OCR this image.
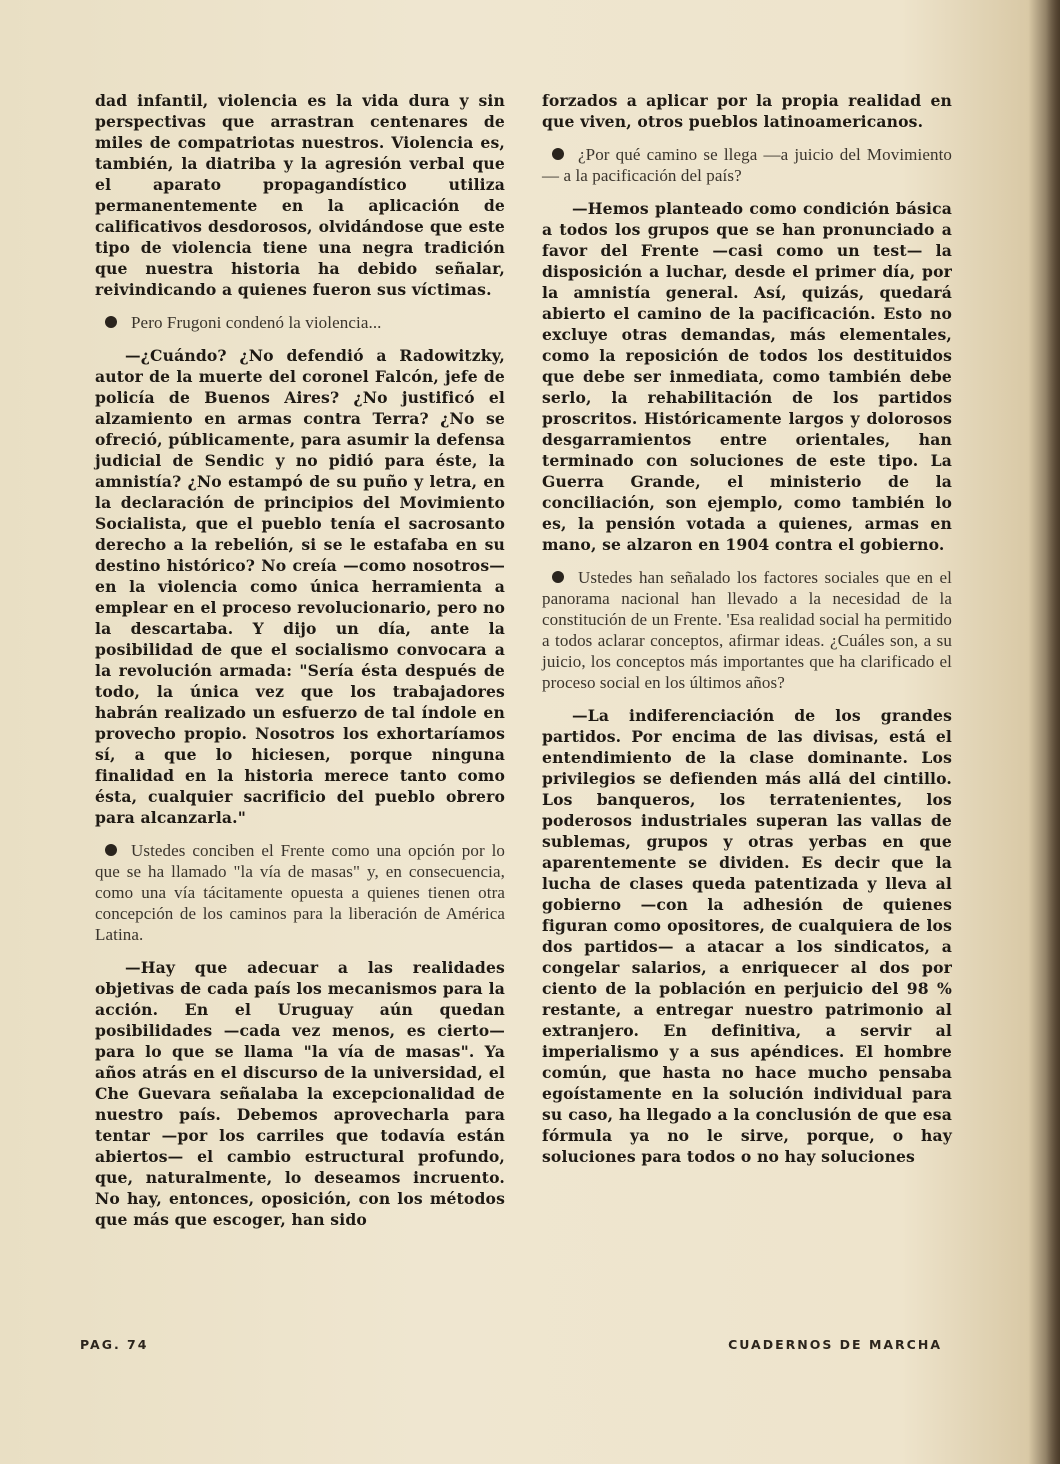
dad infantil, violencia es la vida dura y sin perspectivas que arrastran centenares de miles de compatriotas nuestros. Violencia es, también, la diatriba y la agresión verbal que el aparato propagandístico utiliza permanentemente en la aplicación de calificativos desdorosos, olvidándose que este tipo de violencia tiene una negra tradición que nuestra historia ha debido señalar, reivindicando a quienes fueron sus víctimas.

Pero Frugoni condenó la violencia...

—¿Cuándo? ¿No defendió a Radowitzky, autor de la muerte del coronel Falcón, jefe de policía de Buenos Aires? ¿No justificó el alzamiento en armas contra Terra? ¿No se ofreció, públicamente, para asumir la defensa judicial de Sendic y no pidió para éste, la amnistía? ¿No estampó de su puño y letra, en la declaración de principios del Movimiento Socialista, que el pueblo tenía el sacrosanto derecho a la rebelión, si se le estafaba en su destino histórico? No creía —como nosotros— en la violencia como única herramienta a emplear en el proceso revolucionario, pero no la descartaba. Y dijo un día, ante la posibilidad de que el socialismo convocara a la revolución armada: "Sería ésta después de todo, la única vez que los trabajadores habrán realizado un esfuerzo de tal índole en provecho propio. Nosotros los exhortaríamos sí, a que lo hiciesen, porque ninguna finalidad en la historia merece tanto como ésta, cualquier sacrificio del pueblo obrero para alcanzarla."

Ustedes conciben el Frente como una opción por lo que se ha llamado "la vía de masas" y, en consecuencia, como una vía tácitamente opuesta a quienes tienen otra concepción de los caminos para la liberación de América Latina.

—Hay que adecuar a las realidades objetivas de cada país los mecanismos para la acción. En el Uruguay aún quedan posibilidades —cada vez menos, es cierto— para lo que se llama "la vía de masas". Ya años atrás en el discurso de la universidad, el Che Guevara señalaba la excepcionalidad de nuestro país. Debemos aprovecharla para tentar —por los carriles que todavía están abiertos— el cambio estructural profundo, que, naturalmente, lo deseamos incruento. No hay, entonces, oposición, con los métodos que más que escoger, han sido

forzados a aplicar por la propia realidad en que viven, otros pueblos latinoamericanos.

¿Por qué camino se llega —a juicio del Movimiento— a la pacificación del país?

—Hemos planteado como condición básica a todos los grupos que se han pronunciado a favor del Frente —casi como un test— la disposición a luchar, desde el primer día, por la amnistía general. Así, quizás, quedará abierto el camino de la pacificación. Esto no excluye otras demandas, más elementales, como la reposición de todos los destituidos que debe ser inmediata, como también debe serlo, la rehabilitación de los partidos proscritos. Históricamente largos y dolorosos desgarramientos entre orientales, han terminado con soluciones de este tipo. La Guerra Grande, el ministerio de la conciliación, son ejemplo, como también lo es, la pensión votada a quienes, armas en mano, se alzaron en 1904 contra el gobierno.

Ustedes han señalado los factores sociales que en el panorama nacional han llevado a la necesidad de la constitución de un Frente. 'Esa realidad social ha permitido a todos aclarar conceptos, afirmar ideas. ¿Cuáles son, a su juicio, los conceptos más importantes que ha clarificado el proceso social en los últimos años?

—La indiferenciación de los grandes partidos. Por encima de las divisas, está el entendimiento de la clase dominante. Los privilegios se defienden más allá del cintillo. Los banqueros, los terratenientes, los poderosos industriales superan las vallas de sublemas, grupos y otras yerbas en que aparentemente se dividen. Es decir que la lucha de clases queda patentizada y lleva al gobierno —con la adhesión de quienes figuran como opositores, de cualquiera de los dos partidos— a atacar a los sindicatos, a congelar salarios, a enriquecer al dos por ciento de la población en perjuicio del 98 % restante, a entregar nuestro patrimonio al extranjero. En definitiva, a servir al imperialismo y a sus apéndices. El hombre común, que hasta no hace mucho pensaba egoístamente en la solución individual para su caso, ha llegado a la conclusión de que esa fórmula ya no le sirve, porque, o hay soluciones para todos o no hay soluciones

PAG. 74	CUADERNOS DE MARCHA
